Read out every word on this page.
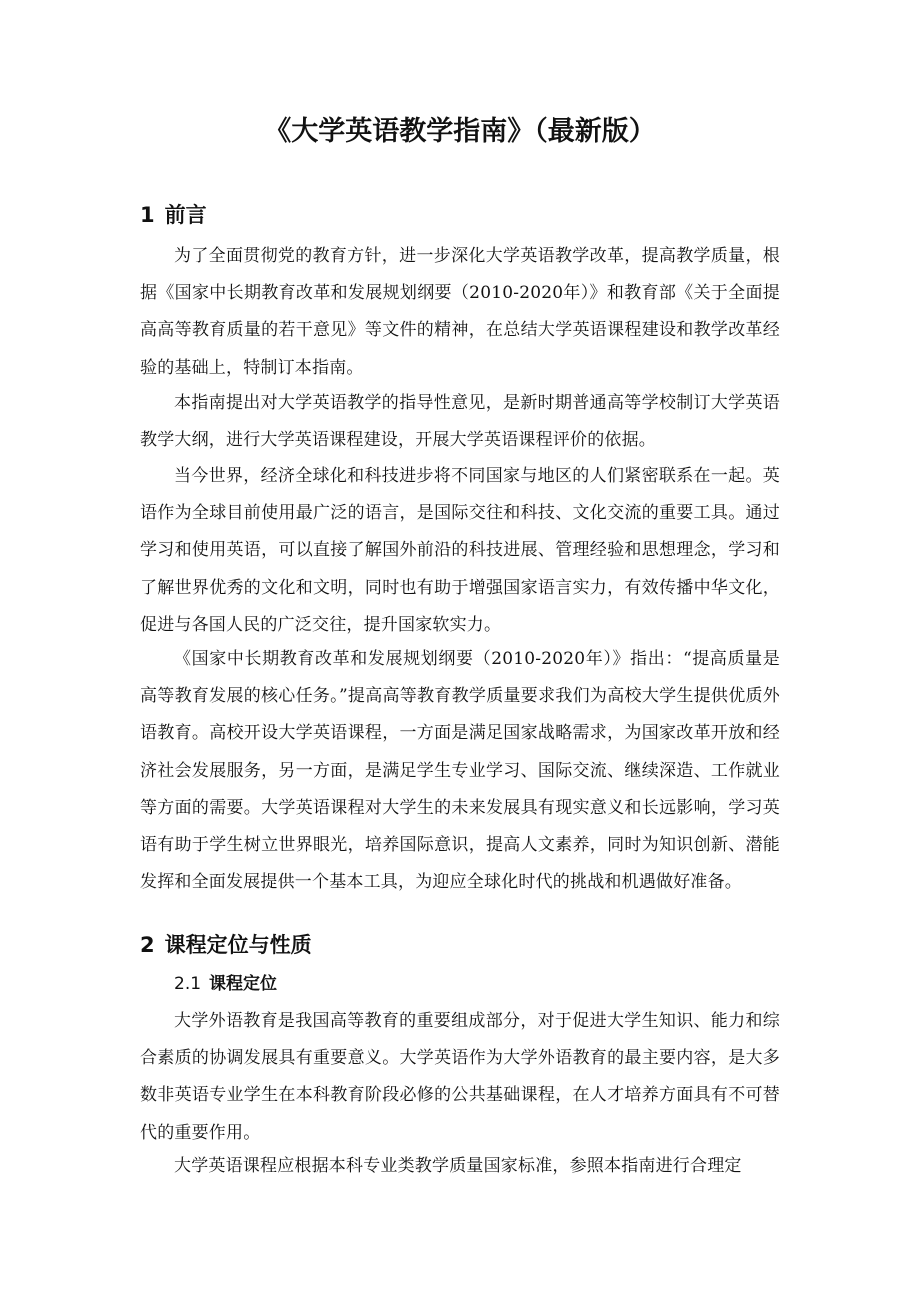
《大学英语教学指南》（最新版）
1 前言

为了全面贯彻党的教育方针，进一步深化大学英语教学改革，提高教学质量，根据《国家中长期教育改革和发展规划纲要（2010-2020年）》和教育部《关于全面提高高等教育质量的若干意见》等文件的精神，在总结大学英语课程建设和教学改革经验的基础上，特制订本指南。

本指南提出对大学英语教学的指导性意见，是新时期普通高等学校制订大学英语教学大纲，进行大学英语课程建设，开展大学英语课程评价的依据。

当今世界，经济全球化和科技进步将不同国家与地区的人们紧密联系在一起。英语作为全球目前使用最广泛的语言，是国际交往和科技、文化交流的重要工具。通过学习和使用英语，可以直接了解国外前沿的科技进展、管理经验和思想理念，学习和了解世界优秀的文化和文明，同时也有助于增强国家语言实力，有效传播中华文化，促进与各国人民的广泛交往，提升国家软实力。

《国家中长期教育改革和发展规划纲要（2010-2020年）》指出：“提高质量是高等教育发展的核心任务。”提高高等教育教学质量要求我们为高校大学生提供优质外语教育。高校开设大学英语课程，一方面是满足国家战略需求，为国家改革开放和经济社会发展服务，另一方面，是满足学生专业学习、国际交流、继续深造、工作就业等方面的需要。大学英语课程对大学生的未来发展具有现实意义和长远影响，学习英语有助于学生树立世界眼光，培养国际意识，提高人文素养，同时为知识创新、潜能发挥和全面发展提供一个基本工具，为迎应全球化时代的挑战和机遇做好准备。

2 课程定位与性质
2.1 课程定位

大学外语教育是我国高等教育的重要组成部分，对于促进大学生知识、能力和综合素质的协调发展具有重要意义。大学英语作为大学外语教育的最主要内容，是大多数非英语专业学生在本科教育阶段必修的公共基础课程，在人才培养方面具有不可替代的重要作用。

大学英语课程应根据本科专业类教学质量国家标准，参照本指南进行合理定
